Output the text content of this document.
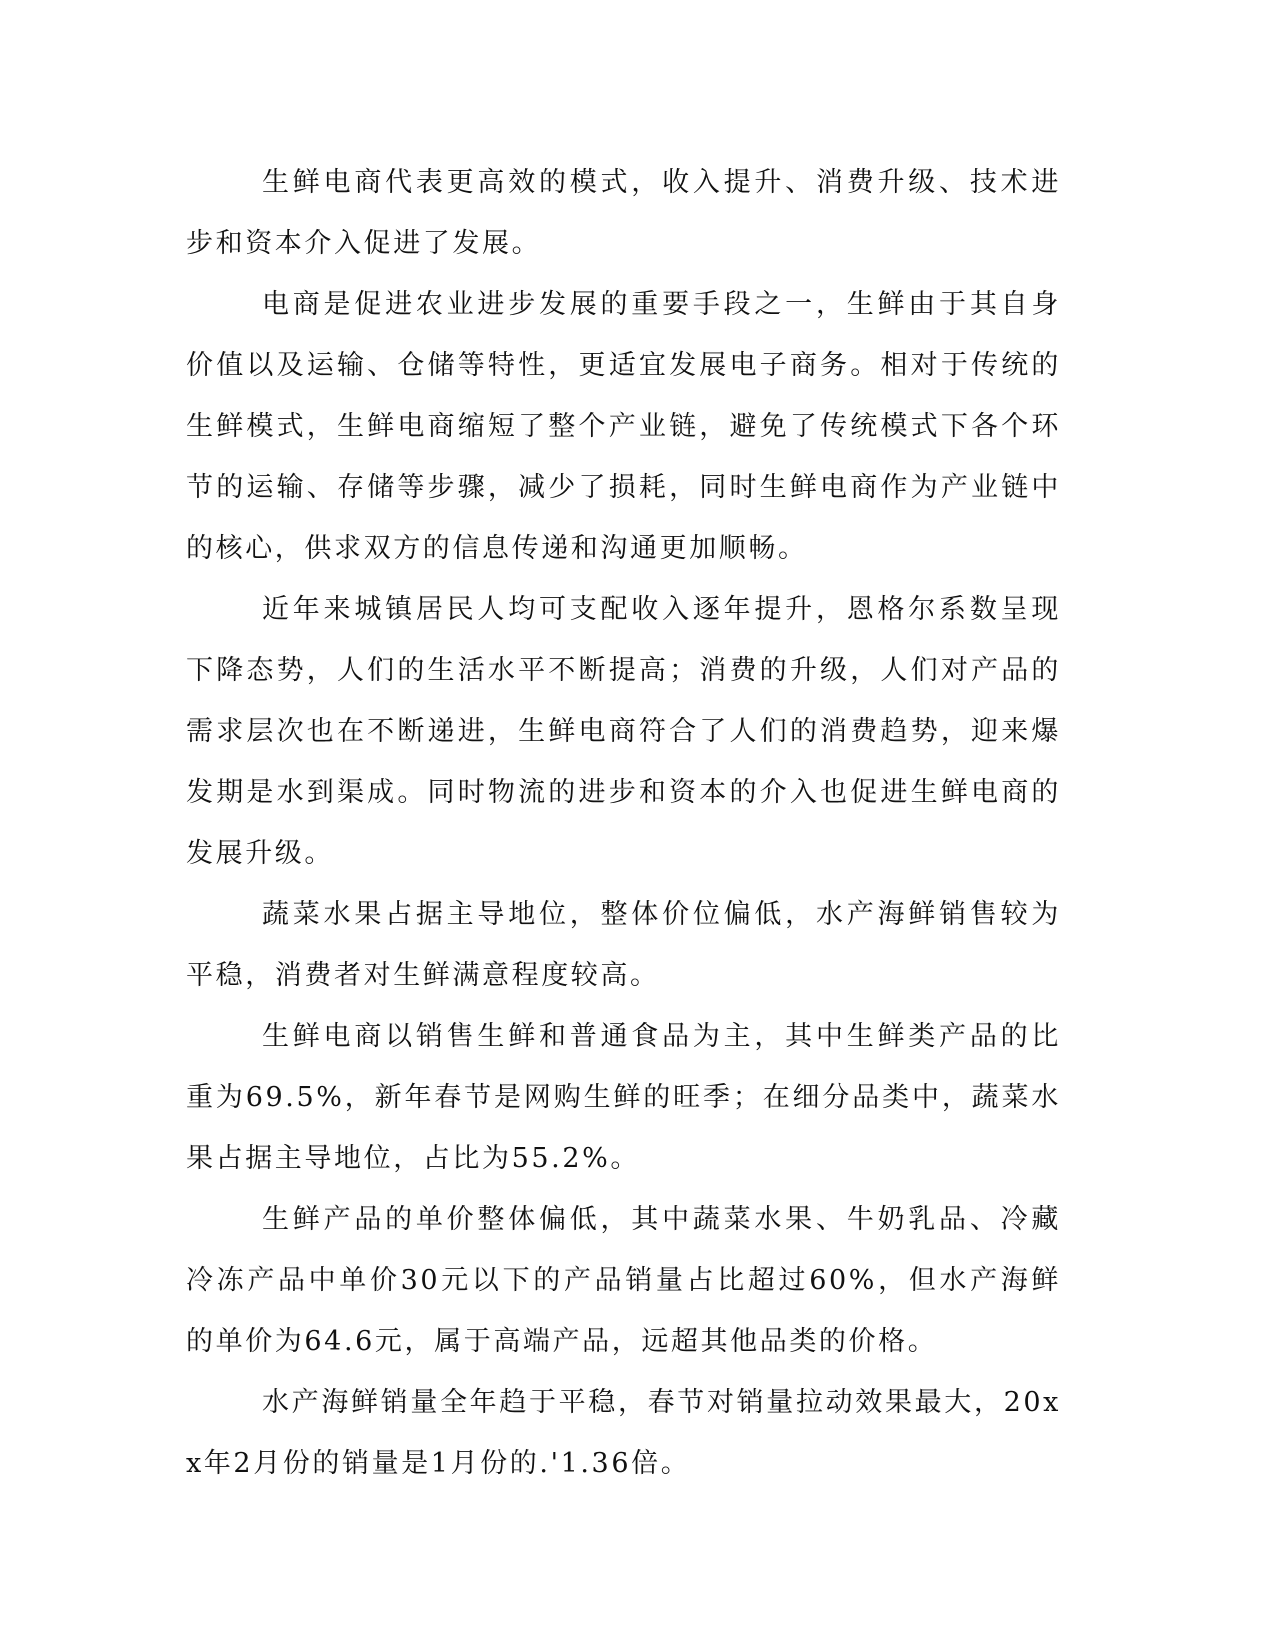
生鲜电商代表更高效的模式，收入提升、消费升级、技术进步和资本介入促进了发展。

电商是促进农业进步发展的重要手段之一，生鲜由于其自身价值以及运输、仓储等特性，更适宜发展电子商务。相对于传统的生鲜模式，生鲜电商缩短了整个产业链，避免了传统模式下各个环节的运输、存储等步骤，减少了损耗，同时生鲜电商作为产业链中的核心，供求双方的信息传递和沟通更加顺畅。

近年来城镇居民人均可支配收入逐年提升，恩格尔系数呈现下降态势，人们的生活水平不断提高；消费的升级，人们对产品的需求层次也在不断递进，生鲜电商符合了人们的消费趋势，迎来爆发期是水到渠成。同时物流的进步和资本的介入也促进生鲜电商的发展升级。

蔬菜水果占据主导地位，整体价位偏低，水产海鲜销售较为平稳，消费者对生鲜满意程度较高。

生鲜电商以销售生鲜和普通食品为主，其中生鲜类产品的比重为69.5%，新年春节是网购生鲜的旺季；在细分品类中，蔬菜水果占据主导地位，占比为55.2%。

生鲜产品的单价整体偏低，其中蔬菜水果、牛奶乳品、冷藏冷冻产品中单价30元以下的产品销量占比超过60%，但水产海鲜的单价为64.6元，属于高端产品，远超其他品类的价格。

水产海鲜销量全年趋于平稳，春节对销量拉动效果最大，20xx年2月份的销量是1月份的.'1.36倍。
